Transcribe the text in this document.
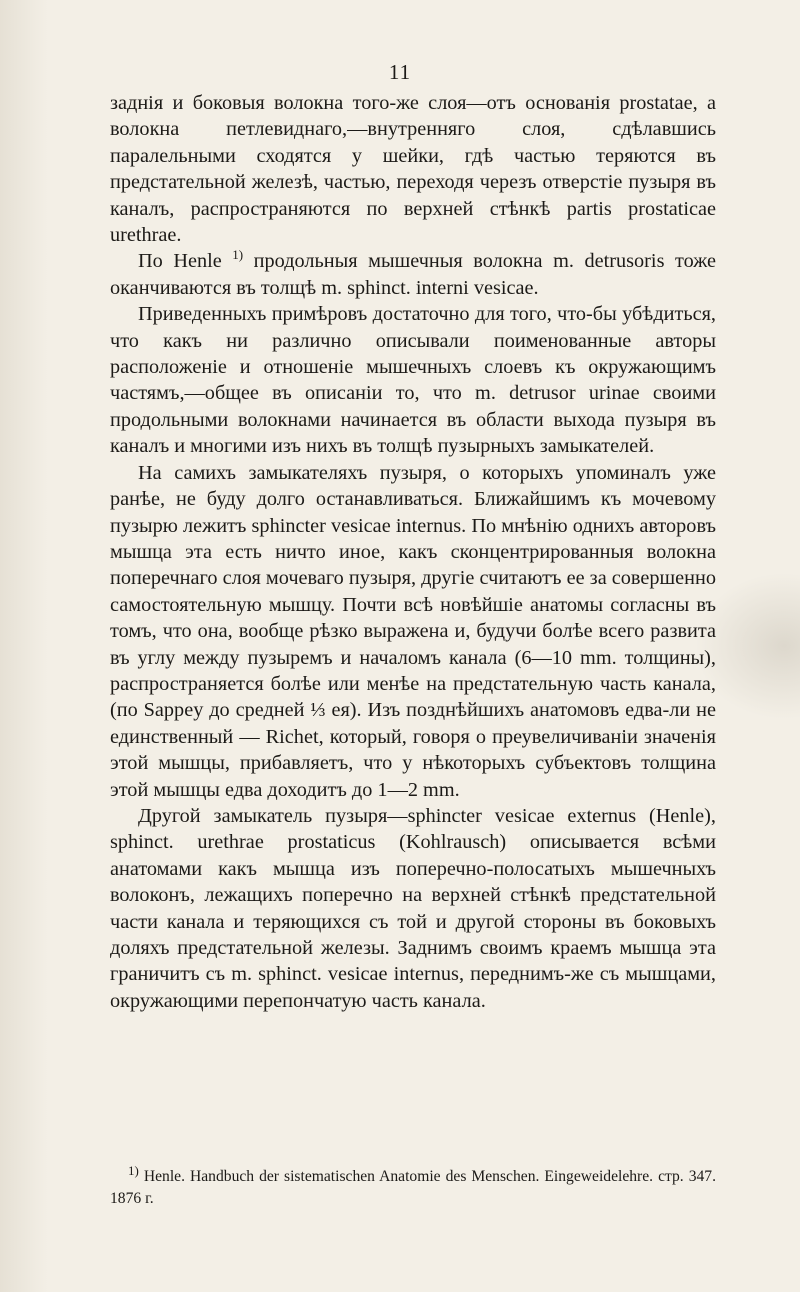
11

заднія и боковыя волокна того-же слоя—отъ основанія prostatae, а волокна петлевиднаго,—внутренняго слоя, сдѣлавшись паралельными сходятся у шейки, гдѣ частью теряются въ предстательной железѣ, частью, переходя черезъ отверстіе пузыря въ каналъ, распространяются по верхней стѣнкѣ partis prostaticae urethrae.

По Henle $^{1)}$ продольныя мышечныя волокна m. detrusoris тоже оканчиваются въ толщѣ m. sphinct. interni vesicae.

Приведенныхъ примѣровъ достаточно для того, что-бы убѣдиться, что какъ ни различно описывали поименованные авторы расположеніе и отношеніе мышечныхъ слоевъ къ окружающимъ частямъ,—общее въ описаніи то, что m. detrusor urinae своими продольными волокнами начинается въ области выхода пузыря въ каналъ и многими изъ нихъ въ толщѣ пузырныхъ замыкателей.

На самихъ замыкателяхъ пузыря, о которыхъ упоминалъ уже ранѣе, не буду долго останавливаться. Ближайшимъ къ мочевому пузырю лежитъ sphincter vesicae internus. По мнѣнію однихъ авторовъ мышца эта есть ничто иное, какъ сконцентрированныя волокна поперечнаго слоя мочеваго пузыря, другіе считаютъ ее за совершенно самостоятельную мышцу. Почти всѣ новѣйшіе анатомы согласны въ томъ, что она, вообще рѣзко выражена и, будучи болѣе всего развита въ углу между пузыремъ и началомъ канала (6—10 mm. толщины), распространяется болѣе или менѣе на предстательную часть канала, (по Sappey до средней ⅓ ея). Изъ позднѣйшихъ анатомовъ едва-ли не единственный — Richet, который, говоря о преувеличиваніи значенія этой мышцы, прибавляетъ, что у нѣкоторыхъ субъектовъ толщина этой мышцы едва доходитъ до 1—2 mm.

Другой замыкатель пузыря—sphincter vesicae externus (Henle), sphinct. urethrae prostaticus (Kohlrausch) описывается всѣми анатомами какъ мышца изъ поперечно-полосатыхъ мышечныхъ волоконъ, лежащихъ поперечно на верхней стѣнкѣ предстательной части канала и теряющихся съ той и другой стороны въ боковыхъ доляхъ предстательной железы. Заднимъ своимъ краемъ мышца эта граничитъ съ m. sphinct. vesicae internus, переднимъ-же съ мышцами, окружающими перепончатую часть канала.

$^{1)}$ Henle. Handbuch der sistematischen Anatomie des Menschen. Eingeweidelehre. стр. 347. 1876 г.
